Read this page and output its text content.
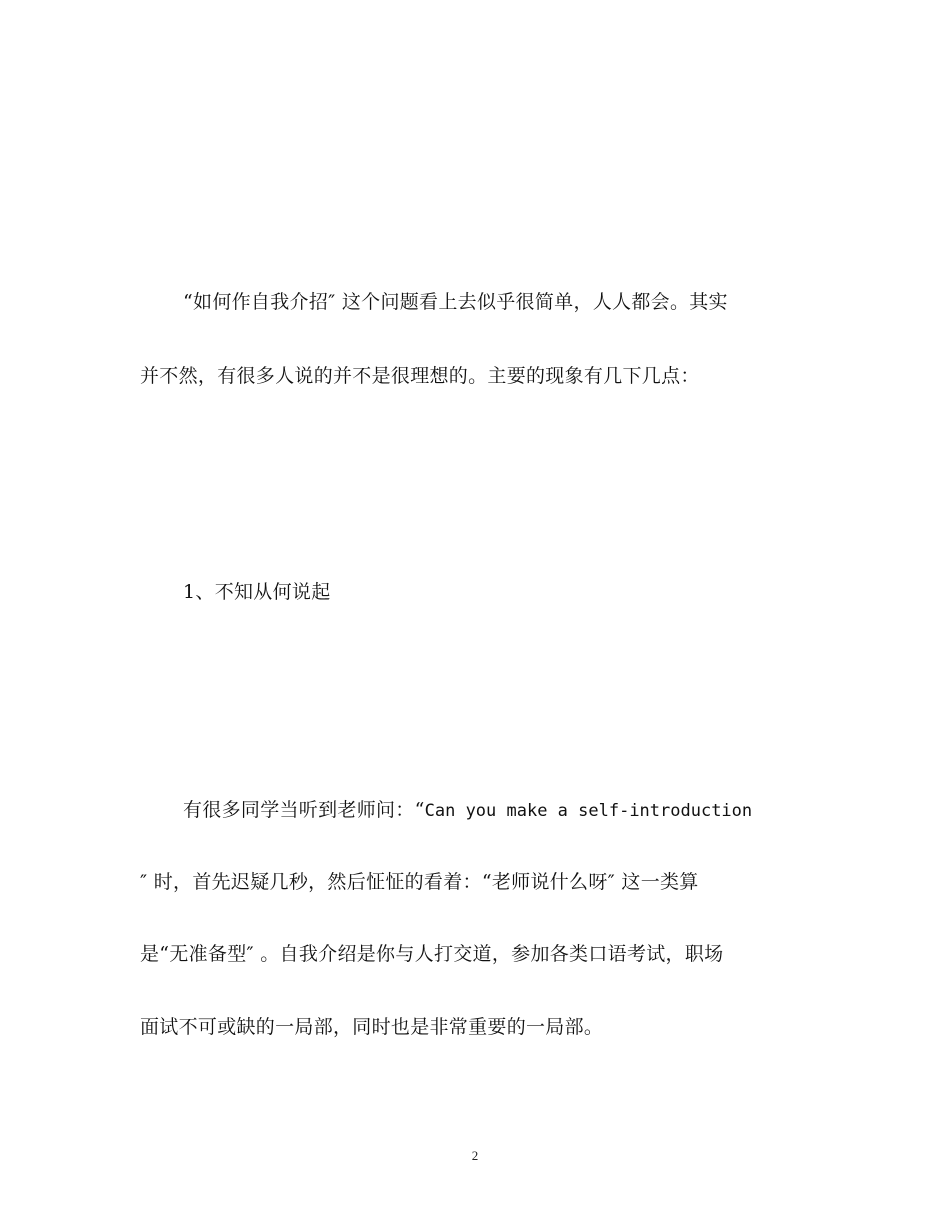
“如何作自我介招″ 这个问题看上去似乎很简单，人人都会。其实
并不然，有很多人说的并不是很理想的。主要的现象有几下几点：
1、不知从何说起
有很多同学当听到老师问：“Can you make a self-introduction
″ 时，首先迟疑几秒，然后怔怔的看着：“老师说什么呀″ 这一类算
是“无准备型″ 。自我介绍是你与人打交道，参加各类口语考试，职场
面试不可或缺的一局部，同时也是非常重要的一局部。
2
